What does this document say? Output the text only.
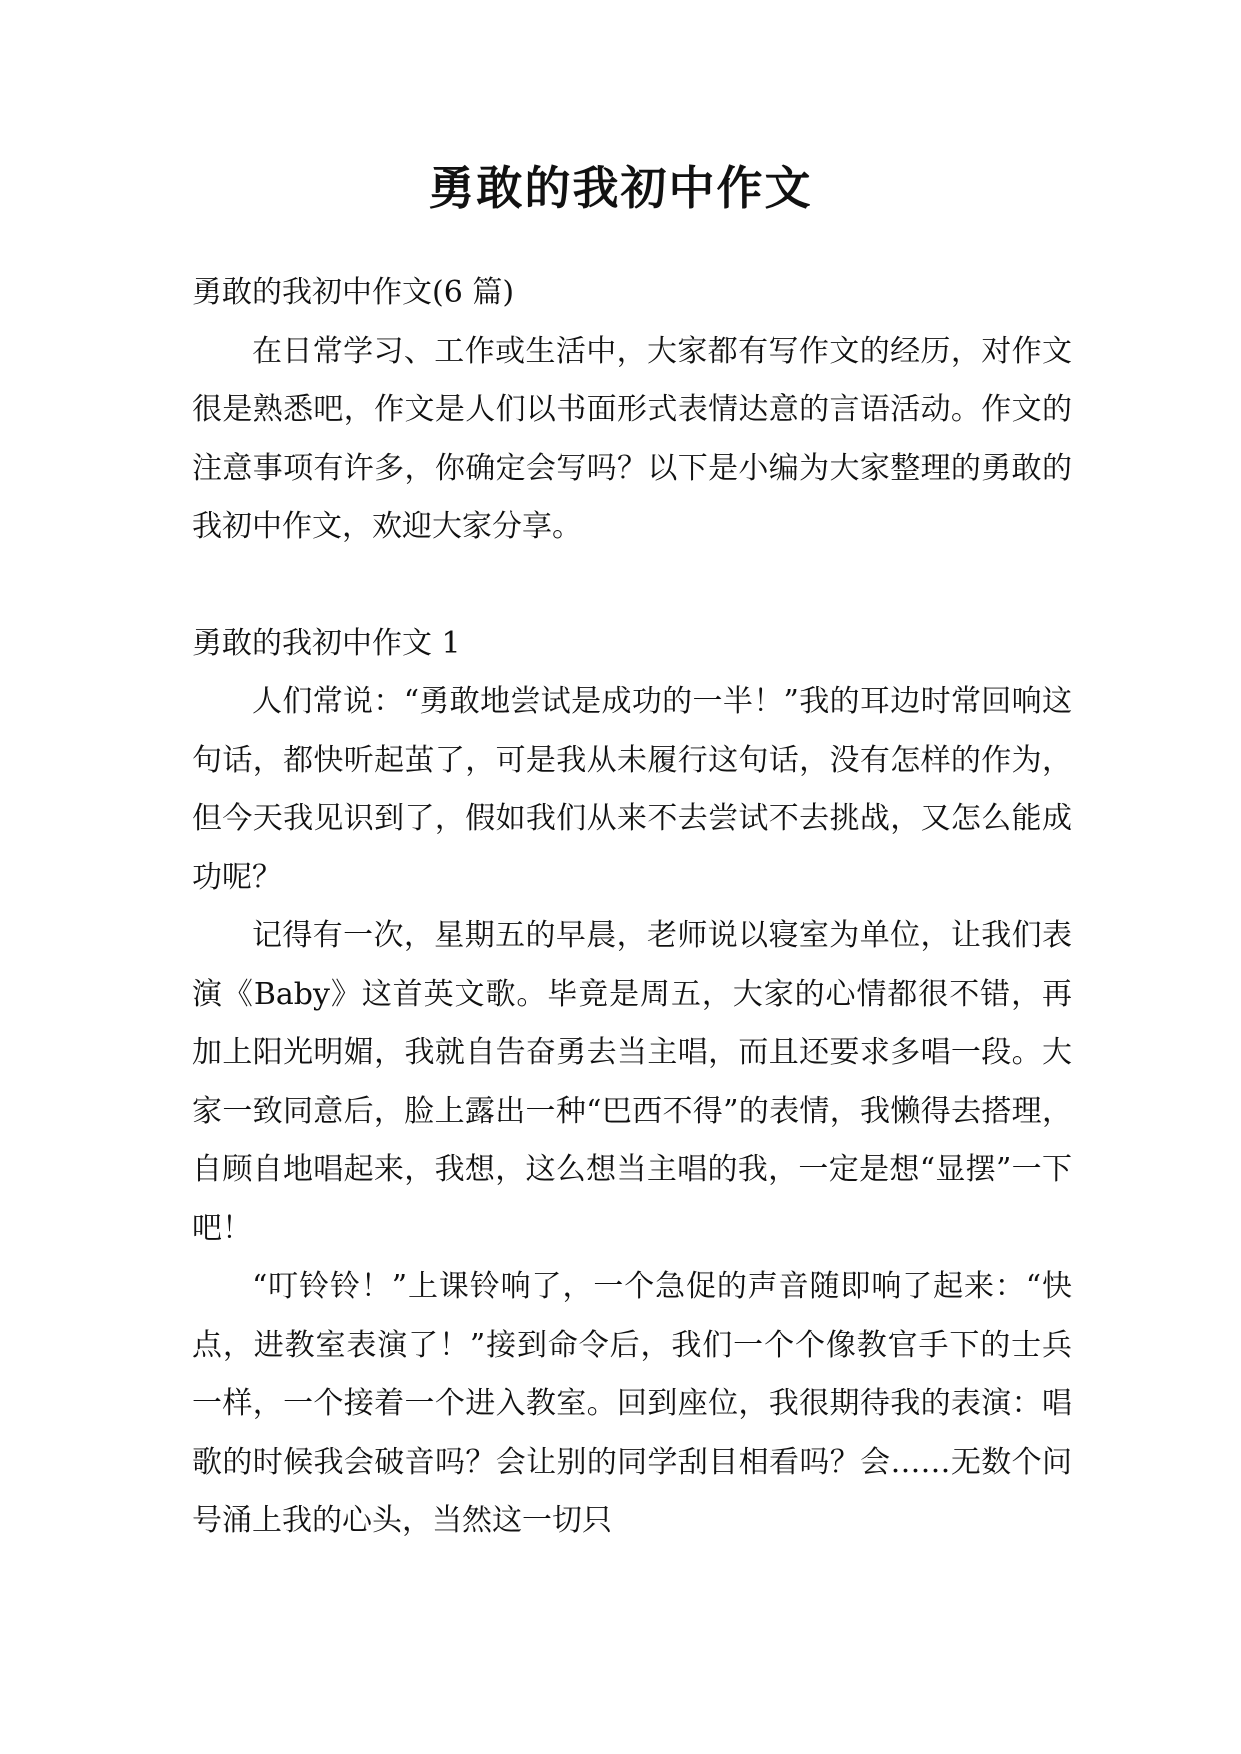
勇敢的我初中作文

勇敢的我初中作文(6 篇)

在日常学习、工作或生活中，大家都有写作文的经历，对作文很是熟悉吧，作文是人们以书面形式表情达意的言语活动。作文的注意事项有许多，你确定会写吗？以下是小编为大家整理的勇敢的我初中作文，欢迎大家分享。

勇敢的我初中作文 1

人们常说：“勇敢地尝试是成功的一半！”我的耳边时常回响这句话，都快听起茧了，可是我从未履行这句话，没有怎样的作为，但今天我见识到了，假如我们从来不去尝试不去挑战，又怎么能成功呢？

记得有一次，星期五的早晨，老师说以寝室为单位，让我们表演《Baby》这首英文歌。毕竟是周五，大家的心情都很不错，再加上阳光明媚，我就自告奋勇去当主唱，而且还要求多唱一段。大家一致同意后，脸上露出一种“巴西不得”的表情，我懒得去搭理，自顾自地唱起来，我想，这么想当主唱的我，一定是想“显摆”一下吧！

“叮铃铃！”上课铃响了，一个急促的声音随即响了起来：“快点，进教室表演了！”接到命令后，我们一个个像教官手下的士兵一样，一个接着一个进入教室。回到座位，我很期待我的表演：唱歌的时候我会破音吗？会让别的同学刮目相看吗？会……无数个问号涌上我的心头，当然这一切只
